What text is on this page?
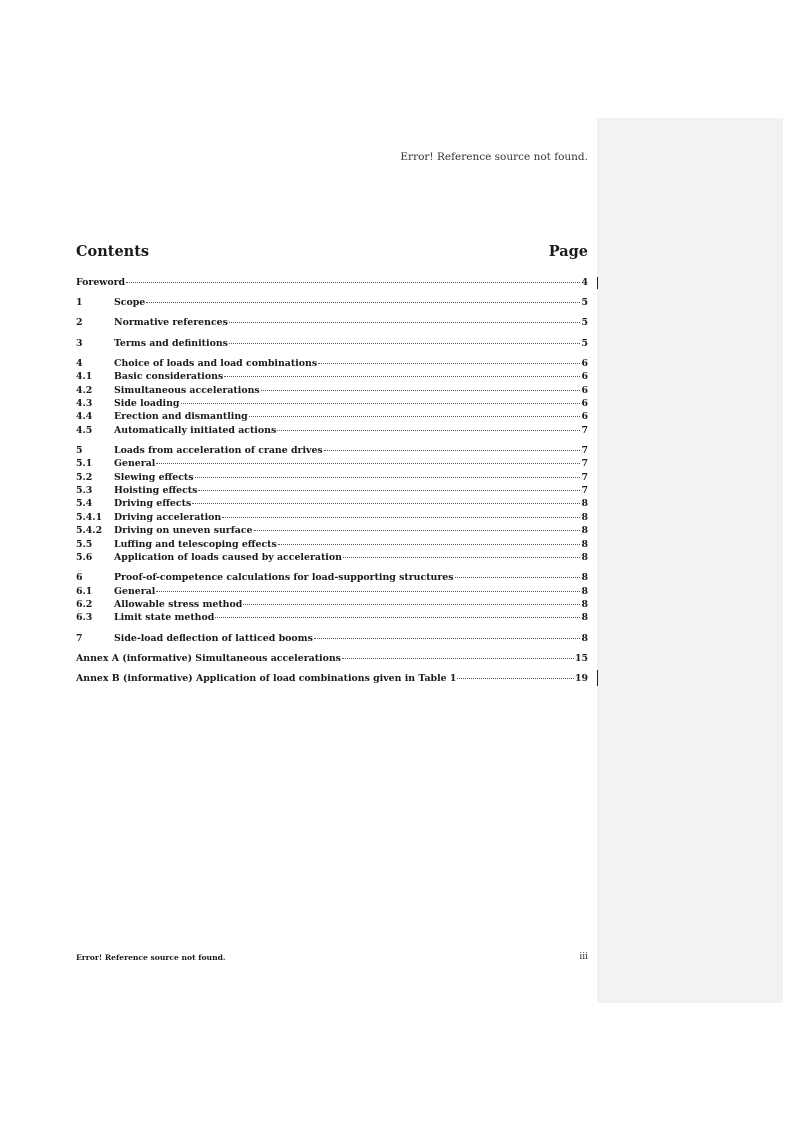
Error! Reference source not found.
Contents	Page
Foreword	4
1	Scope	5
2	Normative references	5
3	Terms and definitions	5
4	Choice of loads and load combinations	6
4.1	Basic considerations	6
4.2	Simultaneous accelerations	6
4.3	Side loading	6
4.4	Erection and dismantling	6
4.5	Automatically initiated actions	7
5	Loads from acceleration of crane drives	7
5.1	General	7
5.2	Slewing effects	7
5.3	Hoisting effects	7
5.4	Driving effects	8
5.4.1	Driving acceleration	8
5.4.2	Driving on uneven surface	8
5.5	Luffing and telescoping effects	8
5.6	Application of loads caused by acceleration	8
6	Proof-of-competence calculations for load-supporting structures	8
6.1	General	8
6.2	Allowable stress method	8
6.3	Limit state method	8
7	Side-load deflection of latticed booms	8
Annex A (informative) Simultaneous accelerations	15
Annex B (informative) Application of load combinations given in Table 1	19
Error! Reference source not found.	iii
